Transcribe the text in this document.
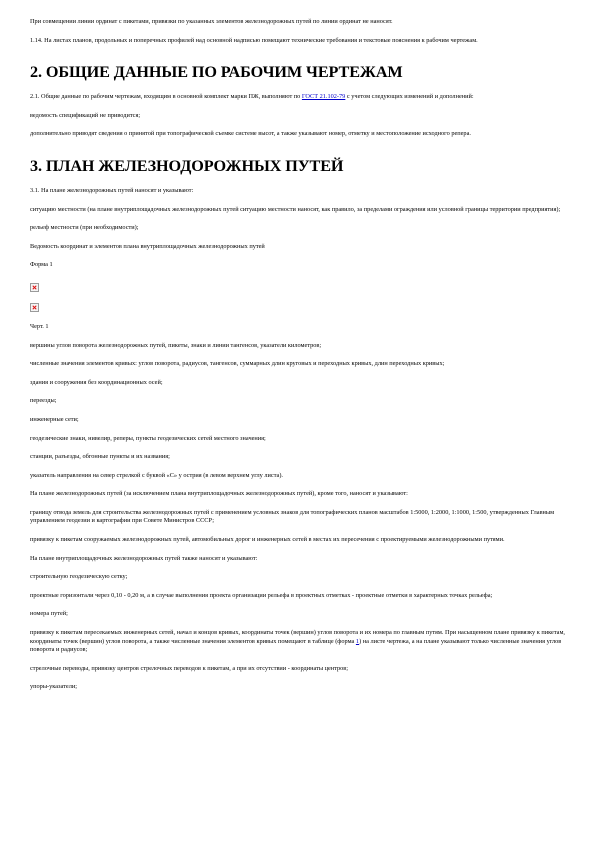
При совмещении линии ординат с пикетами, привязки по указанных элементов железнодорожных путей по линии ординат не наносят.

1.14. На листах планов, продольных и поперечных профилей над основной надписью помещают технические требования и текстовые пояснения к рабочим чертежам.

2. ОБЩИЕ ДАННЫЕ ПО РАБОЧИМ ЧЕРТЕЖАМ

2.1. Общие данные по рабочим чертежам, входящим в основной комплект марки ПЖ, выполняют по ГОСТ 21.102-79 с учетом следующих изменений и дополнений:

ведомость спецификаций не приводится;

дополнительно приводят сведения о принятой при топографической съемке системе высот, а также указывают номер, отметку и местоположение исходного репера.

3. ПЛАН ЖЕЛЕЗНОДОРОЖНЫХ ПУТЕЙ

3.1. На плане железнодорожных путей наносят и указывают:

ситуацию местности (на плане внутриплощадочных железнодорожных путей ситуацию местности наносят, как правило, за пределами ограждения или условной границы территории предприятия);

рельеф местности (при необходимости);

Ведомость координат и элементов плана внутриплощадочных железнодорожных путей

Форма 1

Черт. 1

вершины углов поворота железнодорожных путей, пикеты, знаки и линии тангенсов, указатели километров;

численные значения элементов кривых: углов поворота, радиусов, тангенсов, суммарных длин круговых и переходных кривых, длин переходных кривых;

здания и сооружения без координационных осей;

переезды;

инженерные сети;

геодезические знаки, нивелир, реперы, пункты геодезических сетей местного значения;

станции, разъезды, обгонные пункты и их названия;

указатель направления на север стрелкой с буквой «С» у острия (в левом верхнем углу листа).

На плане железнодорожных путей (за исключением плана внутриплощадочных железнодорожных путей), кроме того, наносят и указывают:

границу отвода земель для строительства железнодорожных путей с применением условных знаков для топографических планов масштабов 1:5000, 1:2000, 1:1000, 1:500, утвержденных Главным управлением геодезии и картографии при Совете Министров СССР;

привязку к пикетам сооружаемых железнодорожных путей, автомобильных дорог и инженерных сетей в местах их пересечения с проектируемыми железнодорожными путями.

На плане внутриплощадочных железнодорожных путей также наносят и указывают:

строительную геодезическую сетку;

проектные горизонтали через 0,10 - 0,20 м, а в случае выполнения проекта организации рельефа в проектных отметках - проектные отметки в характерных точках рельефа;

номера путей;

привязку к пикетам пересекаемых инженерных сетей, начал и концов кривых, координаты точек (вершин) углов поворота и их номера по главным путям. При насыщенном плане привязку к пикетам, координаты точек (вершин) углов поворота, а также численные значения элементов кривых помещают в таблице (форма 1) на листе чертежа, а на плане указывают только численные значения углов поворота и радиусов;

стрелочные переводы, привязку центров стрелочных переводов к пикетам, а при их отсутствии - координаты центров;

упоры-указатели;
